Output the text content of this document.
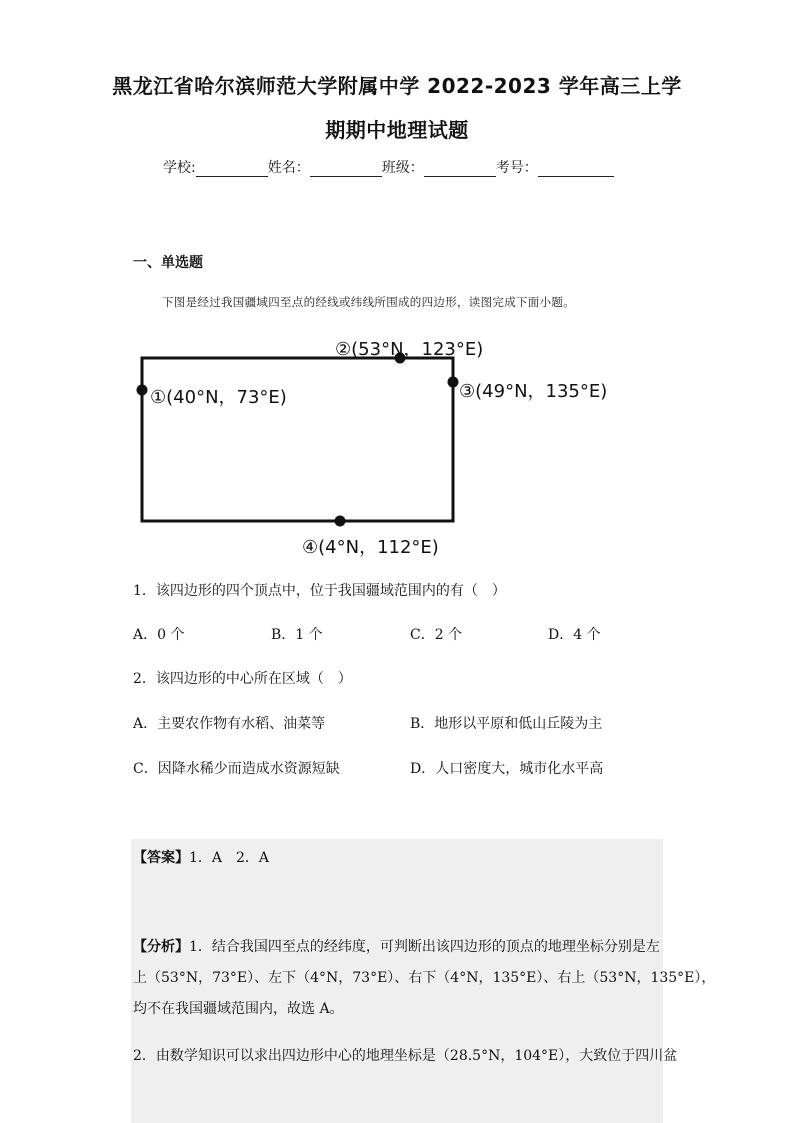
黑龙江省哈尔滨师范大学附属中学 2022-2023 学年高三上学
期期中地理试题
学校:	姓名：	班级：	考号：
一、单选题
下图是经过我国疆域四至点的经线或纬线所围成的四边形，读图完成下面小题。
①(40°N，73°E)
②(53°N，123°E)
③(49°N，135°E)
④(4°N，112°E)
1．该四边形的四个顶点中，位于我国疆域范围内的有（　）
A．0 个	B．1 个	C．2 个	D．4 个
2．该四边形的中心所在区域（　）
A．主要农作物有水稻、油菜等	B．地形以平原和低山丘陵为主
C．因降水稀少而造成水资源短缺	D．人口密度大，城市化水平高
【答案】1．A　2．A
【分析】1．结合我国四至点的经纬度，可判断出该四边形的顶点的地理坐标分别是左
上（53°N，73°E）、左下（4°N，73°E）、右下（4°N，135°E）、右上（53°N，135°E），
均不在我国疆域范围内，故选 A。
2．由数学知识可以求出四边形中心的地理坐标是（28.5°N，104°E），大致位于四川盆
